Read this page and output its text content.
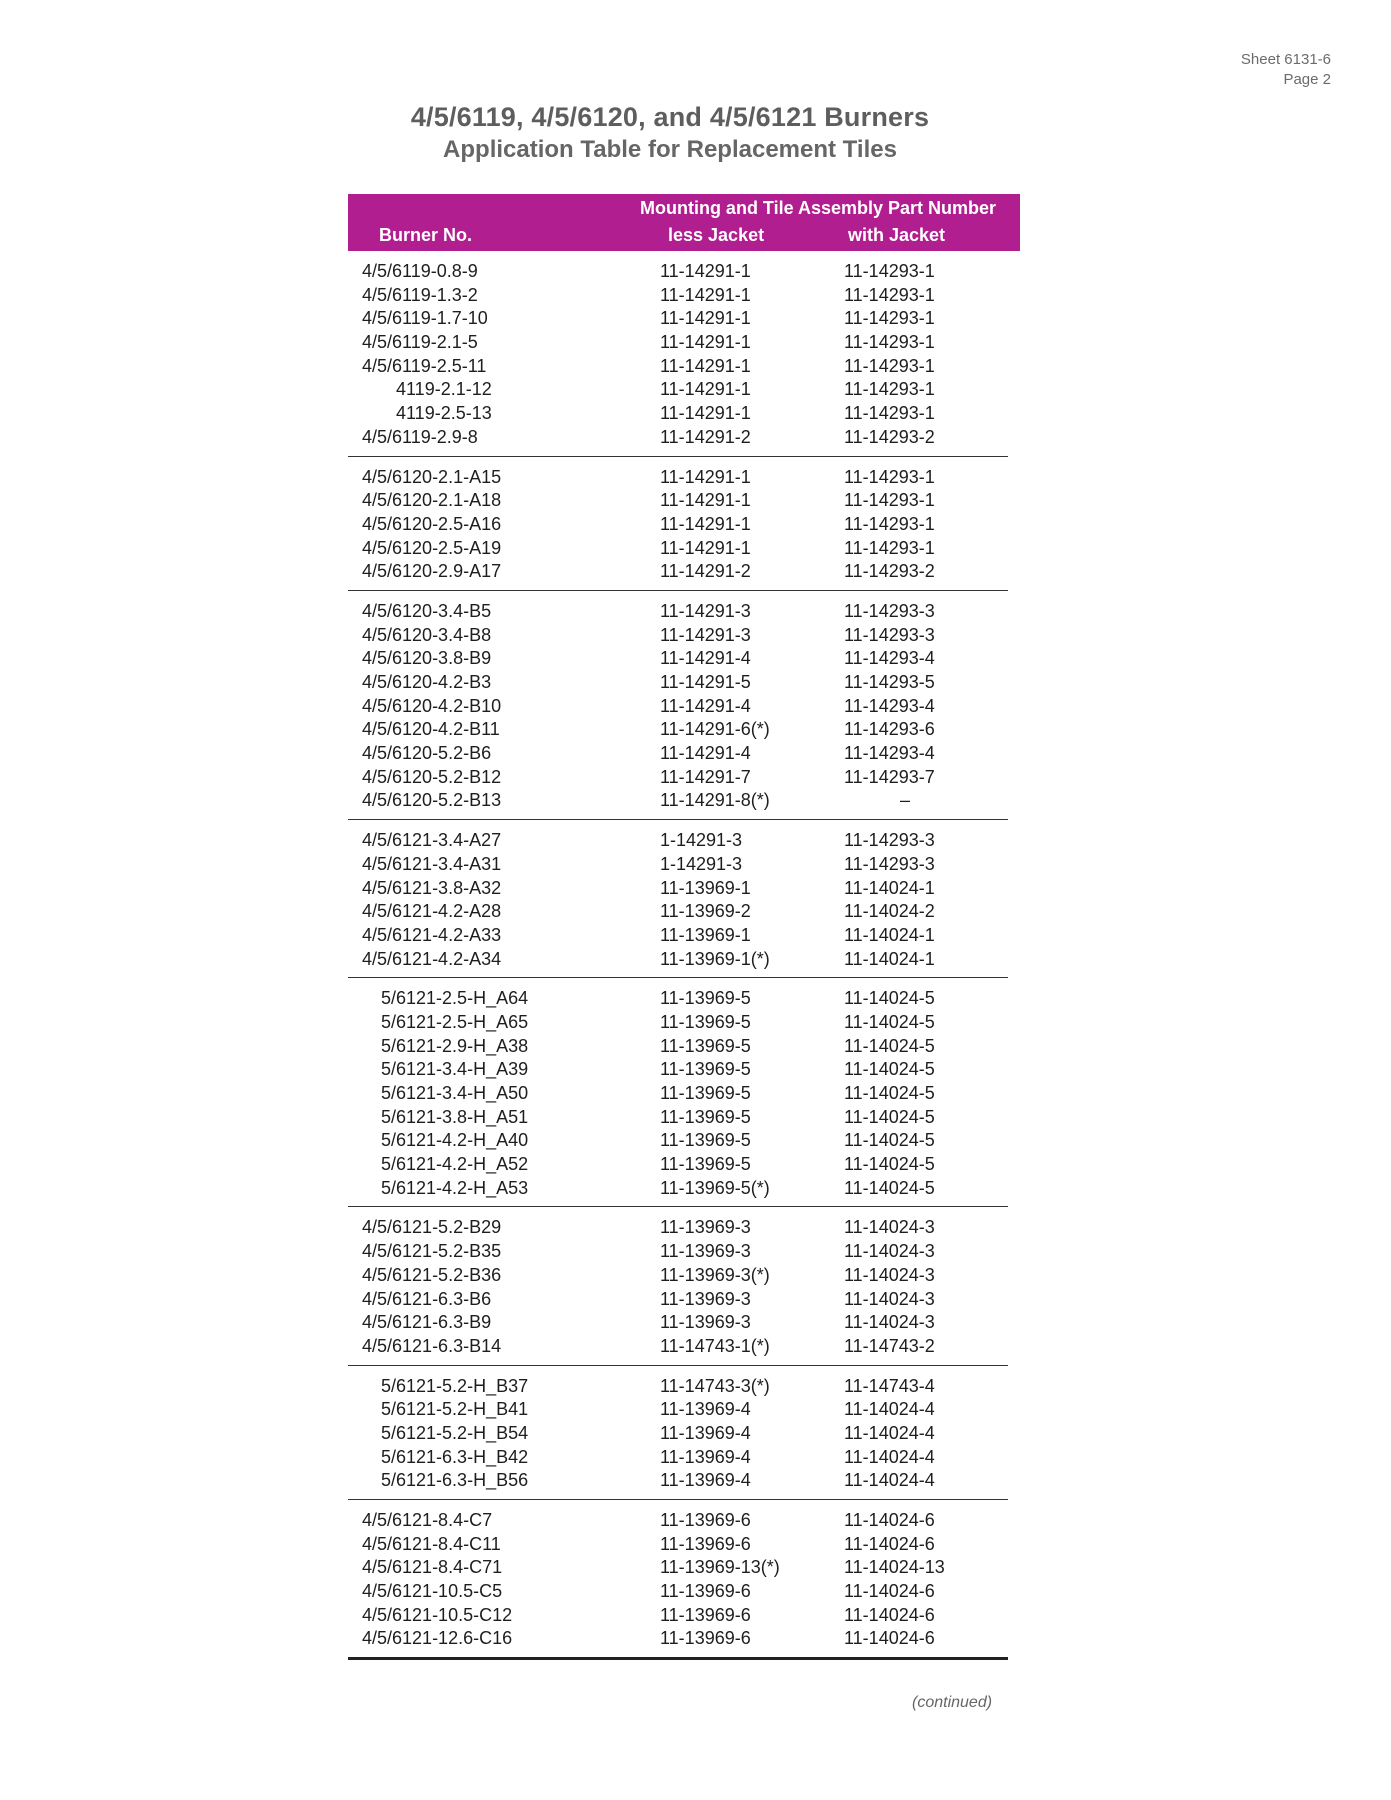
Sheet 6131-6
Page 2
4/5/6119, 4/5/6120, and 4/5/6121 Burners
Application Table for Replacement Tiles
Mounting and Tile Assembly Part Number
Burner No.	less Jacket	with Jacket
4/5/6119-0.8-9	11-14291-1	11-14293-1
4/5/6119-1.3-2	11-14291-1	11-14293-1
4/5/6119-1.7-10	11-14291-1	11-14293-1
4/5/6119-2.1-5	11-14291-1	11-14293-1
4/5/6119-2.5-11	11-14291-1	11-14293-1
4119-2.1-12	11-14291-1	11-14293-1
4119-2.5-13	11-14291-1	11-14293-1
4/5/6119-2.9-8	11-14291-2	11-14293-2
4/5/6120-2.1-A15	11-14291-1	11-14293-1
4/5/6120-2.1-A18	11-14291-1	11-14293-1
4/5/6120-2.5-A16	11-14291-1	11-14293-1
4/5/6120-2.5-A19	11-14291-1	11-14293-1
4/5/6120-2.9-A17	11-14291-2	11-14293-2
4/5/6120-3.4-B5	11-14291-3	11-14293-3
4/5/6120-3.4-B8	11-14291-3	11-14293-3
4/5/6120-3.8-B9	11-14291-4	11-14293-4
4/5/6120-4.2-B3	11-14291-5	11-14293-5
4/5/6120-4.2-B10	11-14291-4	11-14293-4
4/5/6120-4.2-B11	11-14291-6(*)	11-14293-6
4/5/6120-5.2-B6	11-14291-4	11-14293-4
4/5/6120-5.2-B12	11-14291-7	11-14293-7
4/5/6120-5.2-B13	11-14291-8(*)	–
4/5/6121-3.4-A27	1-14291-3	11-14293-3
4/5/6121-3.4-A31	1-14291-3	11-14293-3
4/5/6121-3.8-A32	11-13969-1	11-14024-1
4/5/6121-4.2-A28	11-13969-2	11-14024-2
4/5/6121-4.2-A33	11-13969-1	11-14024-1
4/5/6121-4.2-A34	11-13969-1(*)	11-14024-1
5/6121-2.5-H_A64	11-13969-5	11-14024-5
5/6121-2.5-H_A65	11-13969-5	11-14024-5
5/6121-2.9-H_A38	11-13969-5	11-14024-5
5/6121-3.4-H_A39	11-13969-5	11-14024-5
5/6121-3.4-H_A50	11-13969-5	11-14024-5
5/6121-3.8-H_A51	11-13969-5	11-14024-5
5/6121-4.2-H_A40	11-13969-5	11-14024-5
5/6121-4.2-H_A52	11-13969-5	11-14024-5
5/6121-4.2-H_A53	11-13969-5(*)	11-14024-5
4/5/6121-5.2-B29	11-13969-3	11-14024-3
4/5/6121-5.2-B35	11-13969-3	11-14024-3
4/5/6121-5.2-B36	11-13969-3(*)	11-14024-3
4/5/6121-6.3-B6	11-13969-3	11-14024-3
4/5/6121-6.3-B9	11-13969-3	11-14024-3
4/5/6121-6.3-B14	11-14743-1(*)	11-14743-2
5/6121-5.2-H_B37	11-14743-3(*)	11-14743-4
5/6121-5.2-H_B41	11-13969-4	11-14024-4
5/6121-5.2-H_B54	11-13969-4	11-14024-4
5/6121-6.3-H_B42	11-13969-4	11-14024-4
5/6121-6.3-H_B56	11-13969-4	11-14024-4
4/5/6121-8.4-C7	11-13969-6	11-14024-6
4/5/6121-8.4-C11	11-13969-6	11-14024-6
4/5/6121-8.4-C71	11-13969-13(*)	11-14024-13
4/5/6121-10.5-C5	11-13969-6	11-14024-6
4/5/6121-10.5-C12	11-13969-6	11-14024-6
4/5/6121-12.6-C16	11-13969-6	11-14024-6
(continued)
